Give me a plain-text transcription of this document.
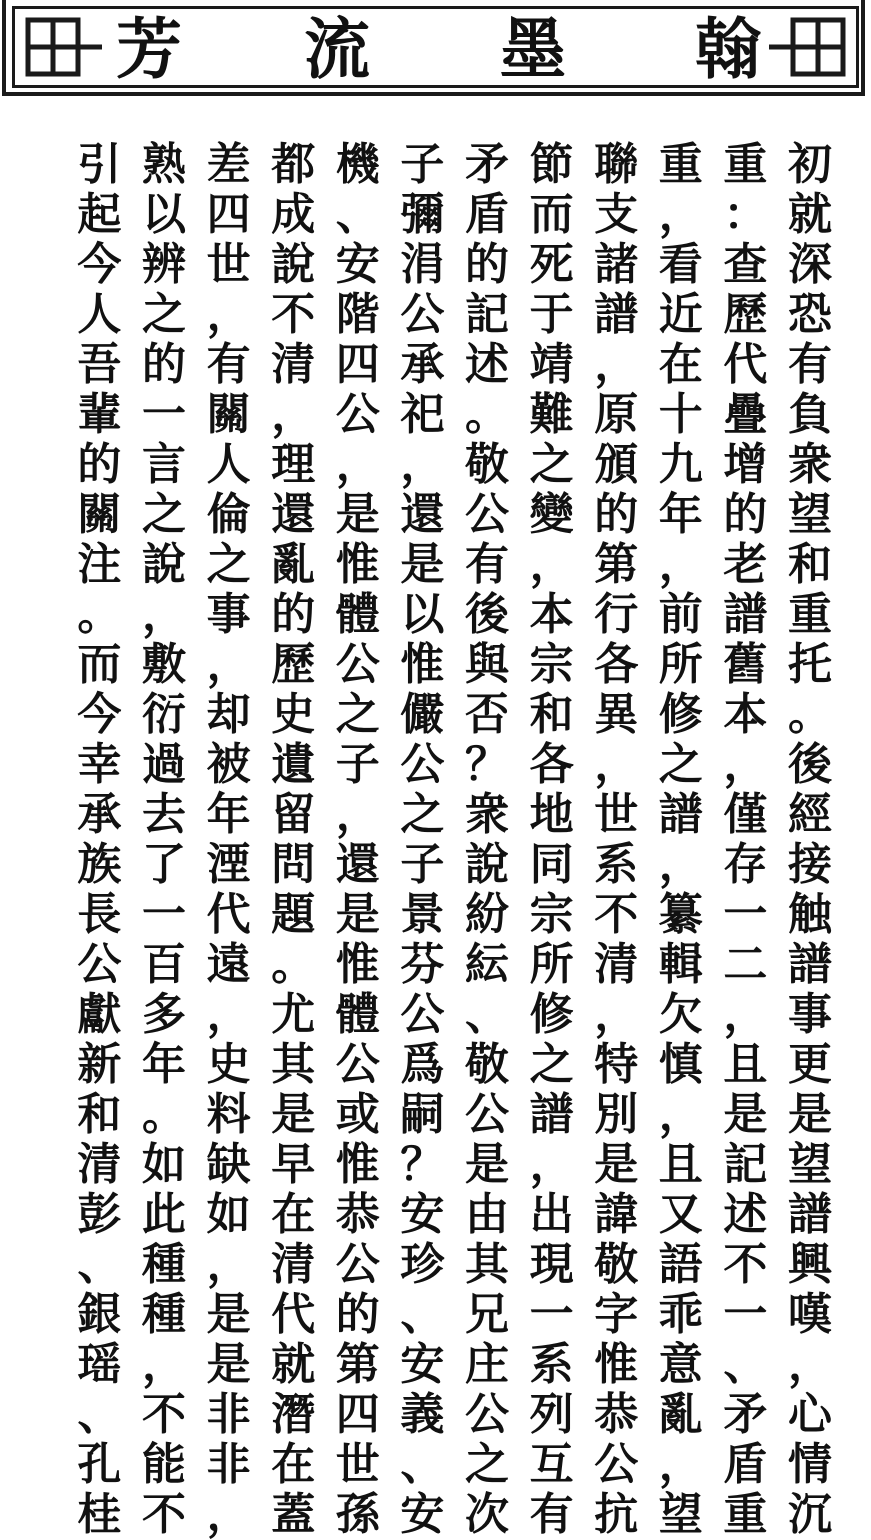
芳 流 墨 翰
初
就
深
恐
有
負
衆
望
和
重
托
。
後
經
接
触
譜
事
更
是
望
譜
興
嘆
，
心
情
沉
重
：
查
歷
代
疊
增
的
老
譜
舊
本
，
僅
存
一
二
，
且
是
記
述
不
一
、
矛
盾
重
重
，
看
近
在
十
九
年
，
前
所
修
之
譜
，
纂
輯
欠
慎
，
且
又
語
乖
意
亂
，
望
聯
支
諸
譜
，
原
頒
的
第
行
各
異
，
世
系
不
清
，
特
別
是
諱
敬
字
惟
恭
公
抗
節
而
死
于
靖
難
之
變
，
本
宗
和
各
地
同
宗
所
修
之
譜
，
出
現
一
系
列
互
有
矛
盾
的
記
述
。
敬
公
有
後
與
否
？
衆
說
紛
紜
、
敬
公
是
由
其
兄
庄
公
之
次
子
彌
涓
公
承
祀
，
還
是
以
惟
儼
公
之
子
景
芬
公
爲
嗣
？
安
珍
、
安
義
、
安
機
、
安
階
四
公
，
是
惟
體
公
之
子
，
還
是
惟
體
公
或
惟
恭
公
的
第
四
世
孫
都
成
說
不
清
，
理
還
亂
的
歷
史
遺
留
問
題
。
尤
其
是
早
在
清
代
就
潛
在
蓋
差
四
世
，
有
關
人
倫
之
事
，
却
被
年
湮
代
遠
，
史
料
缺
如
，
是
是
非
非
，
熟
以
辨
之
的
一
言
之
說
，
敷
衍
過
去
了
一
百
多
年
。
如
此
種
種
，
不
能
不
引
起
今
人
吾
輩
的
關
注
。
而
今
幸
承
族
長
公
獻
新
和
清
彭
、
銀
瑶
、
孔
桂
